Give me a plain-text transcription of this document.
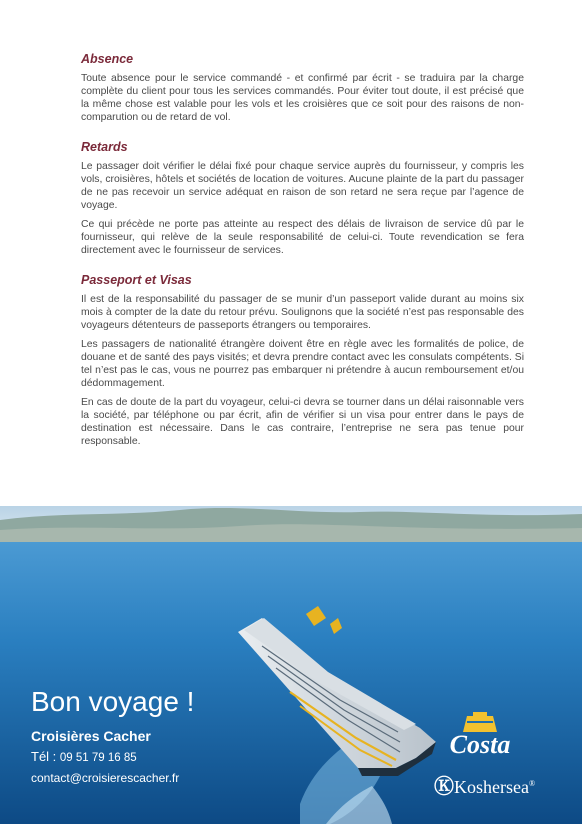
Absence

Toute absence pour le service commandé - et confirmé par écrit - se traduira par la charge complète du client pour tous les services commandés. Pour éviter tout doute, il est précisé que la même chose est valable pour les vols et les croisières que ce soit pour des raisons de non-comparution ou de retard de vol.

Retards

Le passager doit vérifier le délai fixé pour chaque service auprès du fournisseur, y compris les vols, croisières, hôtels et sociétés de location de voitures. Aucune plainte de la part du passager de ne pas recevoir un service adéquat en raison de son retard ne sera reçue par l’agence de voyage.

Ce qui précède ne porte pas atteinte au respect des délais de livraison de service dû par le fournisseur, qui relève de la seule responsabilité de celui-ci. Toute revendication se fera directement avec le fournisseur de services.

Passeport et Visas

Il est de la responsabilité du passager de se munir d’un passeport valide durant au moins six mois à compter de la date du retour prévu. Soulignons que la société n’est pas responsable des voyageurs détenteurs de passeports étrangers ou temporaires.

Les passagers de nationalité étrangère doivent être en règle avec les formalités de police, de douane et de santé des pays visités; et devra prendre contact avec les consulats compétents. Si tel n’est pas le cas, vous ne pourrez pas embarquer ni prétendre à aucun remboursement et/ou dédommagement.

En cas de doute de la part du voyageur, celui-ci devra se tourner dans un délai raisonnable vers la société, par téléphone ou par écrit, afin de vérifier si un visa pour entrer dans le pays de destination est nécessaire. Dans le cas contraire, l’entreprise ne sera pas tenue pour responsable.

Bon voyage !
Croisières Cacher
Tél : 09 51 79 16 85
contact@croisierescacher.fr
Costa
ⓀKoshersea®
